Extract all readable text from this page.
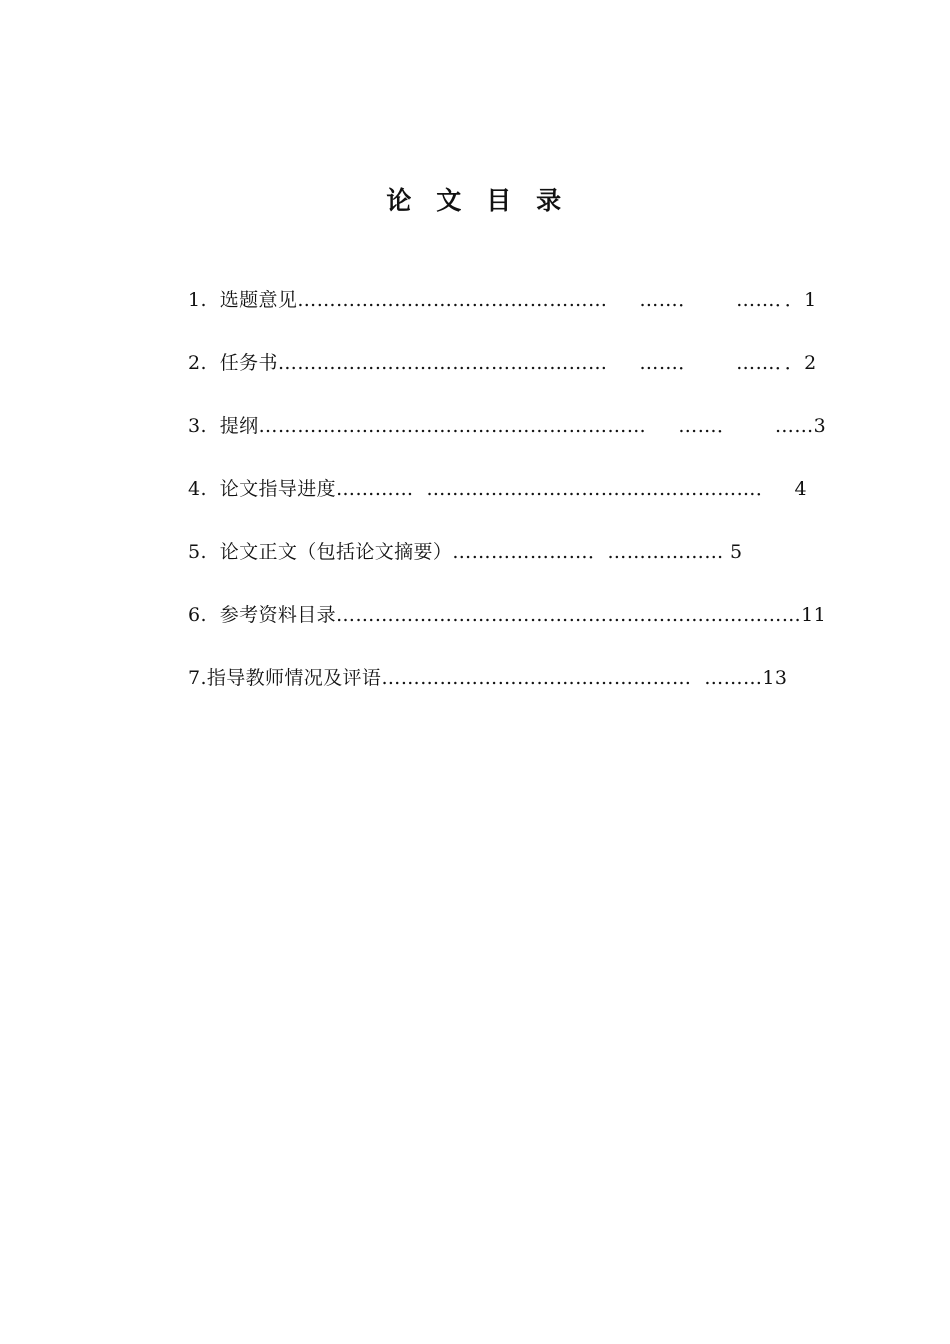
论  文  目  录
1.  选题意见…………………………………………     ……．      ……．．1
2.  任务书……………………………………………     ……．      ……．．2
3.  提纲……………………………………………………     ……．      ……3
4.  论文指导进度…………  ……………………………………………．   4
5.  论文正文（包括论文摘要）…………………．……………… 5
6.  参考资料目录………………………………………………………………11
7.指导教师情况及评语…………………………………………  ………13
